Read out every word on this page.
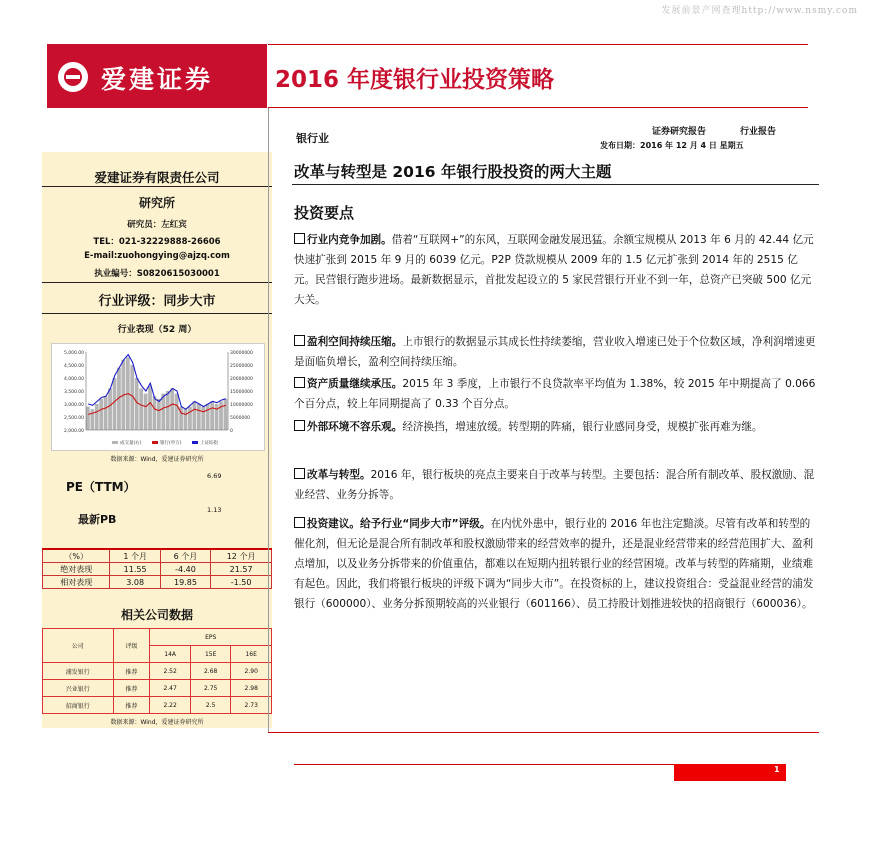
发展前景产网查理http://www.nsmy.com
爱建证券	2016 年度银行业投资策略
银行业	证券研究报告	行业报告
发布日期：2016 年 12 月 4 日 星期五
爱建证券有限责任公司
研究所
研究员：左红宾
TEL：021-32229888-26606
E-mail:zuohongying@ajzq.com
执业编号：S0820615030001
行业评级：同步大市
行业表现（52 周）
5,000.00
4,500.00
4,000.00
3,500.00
3,000.00
2,500.00
2,000.00
30000000
25000000
20000000
15000000
10000000
5000000
0
成交量(右)	银行(申万)	上证综指
数据来源：Wind，爱建证券研究所
PE（TTM）
6.69
最新PB
1.13
（%）	1 个月	6 个月	12 个月
绝对表现	11.55	-4.40	21.57
相对表现	3.08	19.85	-1.50
相关公司数据
公司	评级	EPS		
		14A	15E	16E
浦发银行	推荐	2.52	2.68	2.90
兴业银行	推荐	2.47	2.75	2.98
招商银行	推荐	2.22	2.5	2.73
数据来源：Wind，爱建证券研究所
改革与转型是 2016 年银行股投资的两大主题
投资要点
行业内竞争加剧。借着“互联网+”的东风，互联网金融发展迅猛。余额宝规模从 2013 年 6 月的 42.44 亿元快速扩张到 2015 年 9 月的 6039 亿元。P2P 贷款规模从 2009 年的 1.5 亿元扩张到 2014 年的 2515 亿元。民营银行跑步进场。最新数据显示，首批发起设立的 5 家民营银行开业不到一年，总资产已突破 500 亿元大关。
盈利空间持续压缩。上市银行的数据显示其成长性持续萎缩，营业收入增速已处于个位数区域，净利润增速更是面临负增长，盈利空间持续压缩。
资产质量继续承压。2015 年 3 季度，上市银行不良贷款率平均值为 1.38%，较 2015 年中期提高了 0.066 个百分点，较上年同期提高了 0.33 个百分点。
外部环境不容乐观。经济换挡，增速放缓。转型期的阵痛，银行业感同身受，规模扩张再难为继。
改革与转型。2016 年，银行板块的亮点主要来自于改革与转型。主要包括：混合所有制改革、股权激励、混业经营、业务分拆等。
投资建议。给予行业“同步大市”评级。在内忧外患中，银行业的 2016 年也注定黯淡。尽管有改革和转型的催化剂，但无论是混合所有制改革和股权激励带来的经营效率的提升，还是混业经营带来的经营范围扩大、盈利点增加，以及业务分拆带来的价值重估，都难以在短期内扭转银行业的经营困境。改革与转型的阵痛期，业绩难有起色。因此，我们将银行板块的评级下调为“同步大市”。在投资标的上，建议投资组合：受益混业经营的浦发银行（600000）、业务分拆预期较高的兴业银行（601166）、员工持股计划推进较快的招商银行（600036）。
1
